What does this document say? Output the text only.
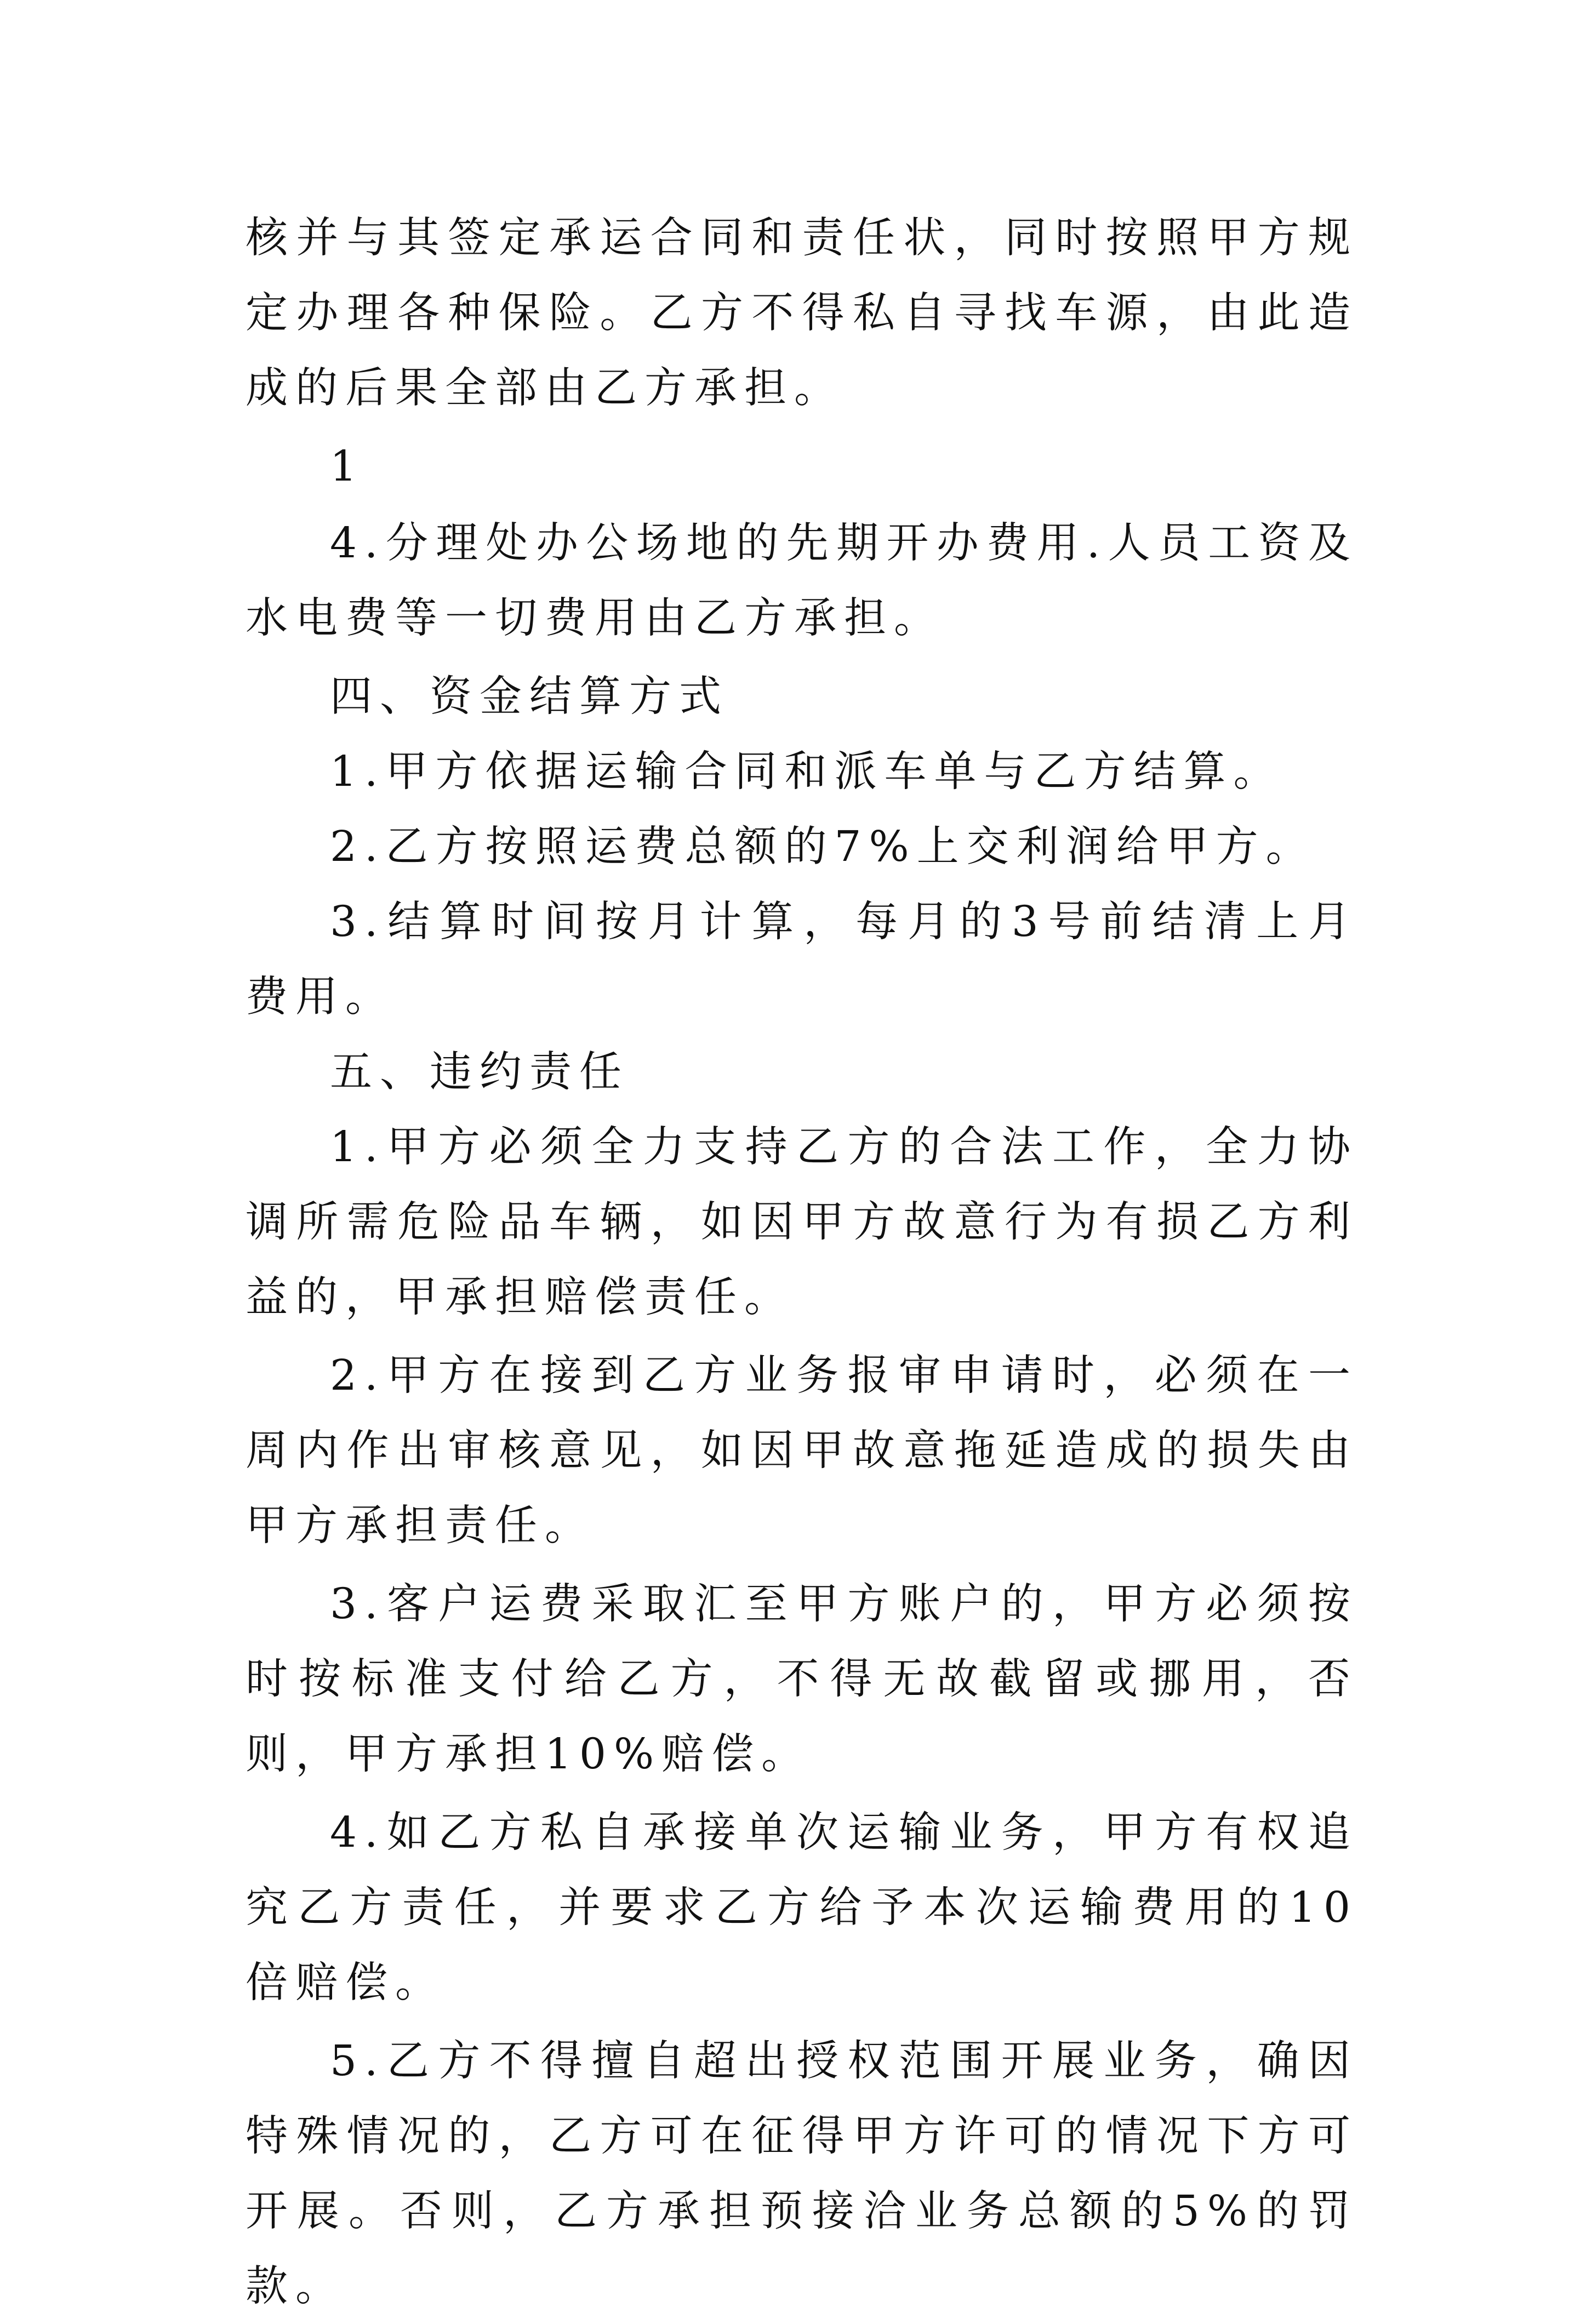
核并与其签定承运合同和责任状，同时按照甲方规定办理各种保险。乙方不得私自寻找车源，由此造成的后果全部由乙方承担。

1

4.分理处办公场地的先期开办费用.人员工资及水电费等一切费用由乙方承担。

四、资金结算方式

1.甲方依据运输合同和派车单与乙方结算。

2.乙方按照运费总额的7%上交利润给甲方。

3.结算时间按月计算，每月的3号前结清上月费用。

五、违约责任

1.甲方必须全力支持乙方的合法工作，全力协调所需危险品车辆，如因甲方故意行为有损乙方利益的，甲承担赔偿责任。

2.甲方在接到乙方业务报审申请时，必须在一周内作出审核意见，如因甲故意拖延造成的损失由甲方承担责任。

3.客户运费采取汇至甲方账户的，甲方必须按时按标准支付给乙方，不得无故截留或挪用，否则，甲方承担10%赔偿。

4.如乙方私自承接单次运输业务，甲方有权追究乙方责任，并要求乙方给予本次运输费用的10倍赔偿。

5.乙方不得擅自超出授权范围开展业务，确因特殊情况的，乙方可在征得甲方许可的情况下方可开展。否则，乙方承担预接洽业务总额的5%的罚款。
